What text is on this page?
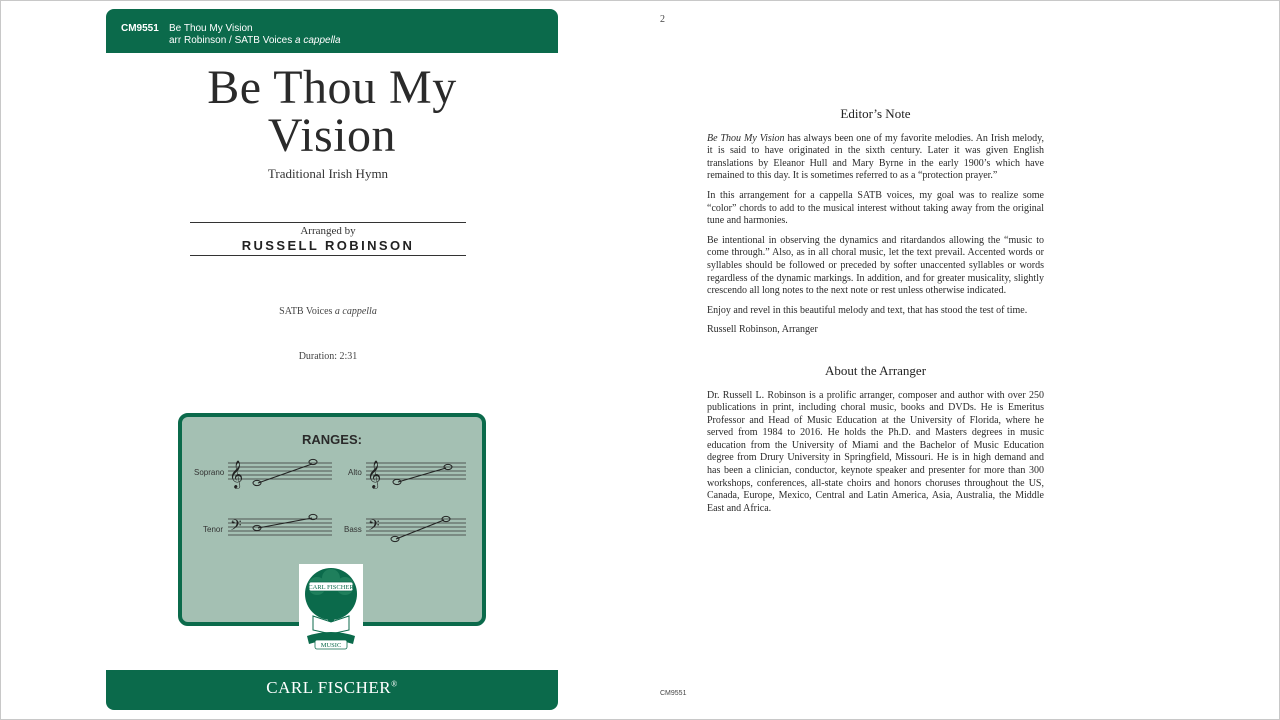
CM9551 Be Thou My Vision
arr Robinson / SATB Voices a cappella
Be Thou My
Vision
Traditional Irish Hymn
Arranged by
RUSSELL ROBINSON
SATB Voices a cappella
Duration: 2:31
RANGES:
Soprano 𝄞	Alto 𝄞
Tenor 𝄢	Bass 𝄢
CARL FISCHER
MUSIC
CARL FISCHER®
2
Editor’s Note

Be Thou My Vision has always been one of my favorite melodies. An Irish melody, it is said to have originated in the sixth century. Later it was given English translations by Eleanor Hull and Mary Byrne in the early 1900’s which have remained to this day. It is sometimes referred to as a “protection prayer.”

In this arrangement for a cappella SATB voices, my goal was to realize some “color” chords to add to the musical interest without taking away from the original tune and harmonies.

Be intentional in observing the dynamics and ritardandos allowing the “music to come through.” Also, as in all choral music, let the text prevail. Accented words or syllables should be followed or preceded by softer unaccented syllables or words regardless of the dynamic markings. In addition, and for greater musicality, slightly crescendo all long notes to the next note or rest unless otherwise indicated.

Enjoy and revel in this beautiful melody and text, that has stood the test of time.

Russell Robinson, Arranger

About the Arranger

Dr. Russell L. Robinson is a prolific arranger, composer and author with over 250 publications in print, including choral music, books and DVDs. He is Emeritus Professor and Head of Music Education at the University of Florida, where he served from 1984 to 2016. He holds the Ph.D. and Masters degrees in music education from the University of Miami and the Bachelor of Music Education degree from Drury University in Springfield, Missouri. He is in high demand and has been a clinician, conductor, keynote speaker and presenter for more than 300 workshops, conferences, all-state choirs and honors choruses throughout the US, Canada, Europe, Mexico, Central and Latin America, Asia, Australia, the Middle East and Africa.

CM9551
